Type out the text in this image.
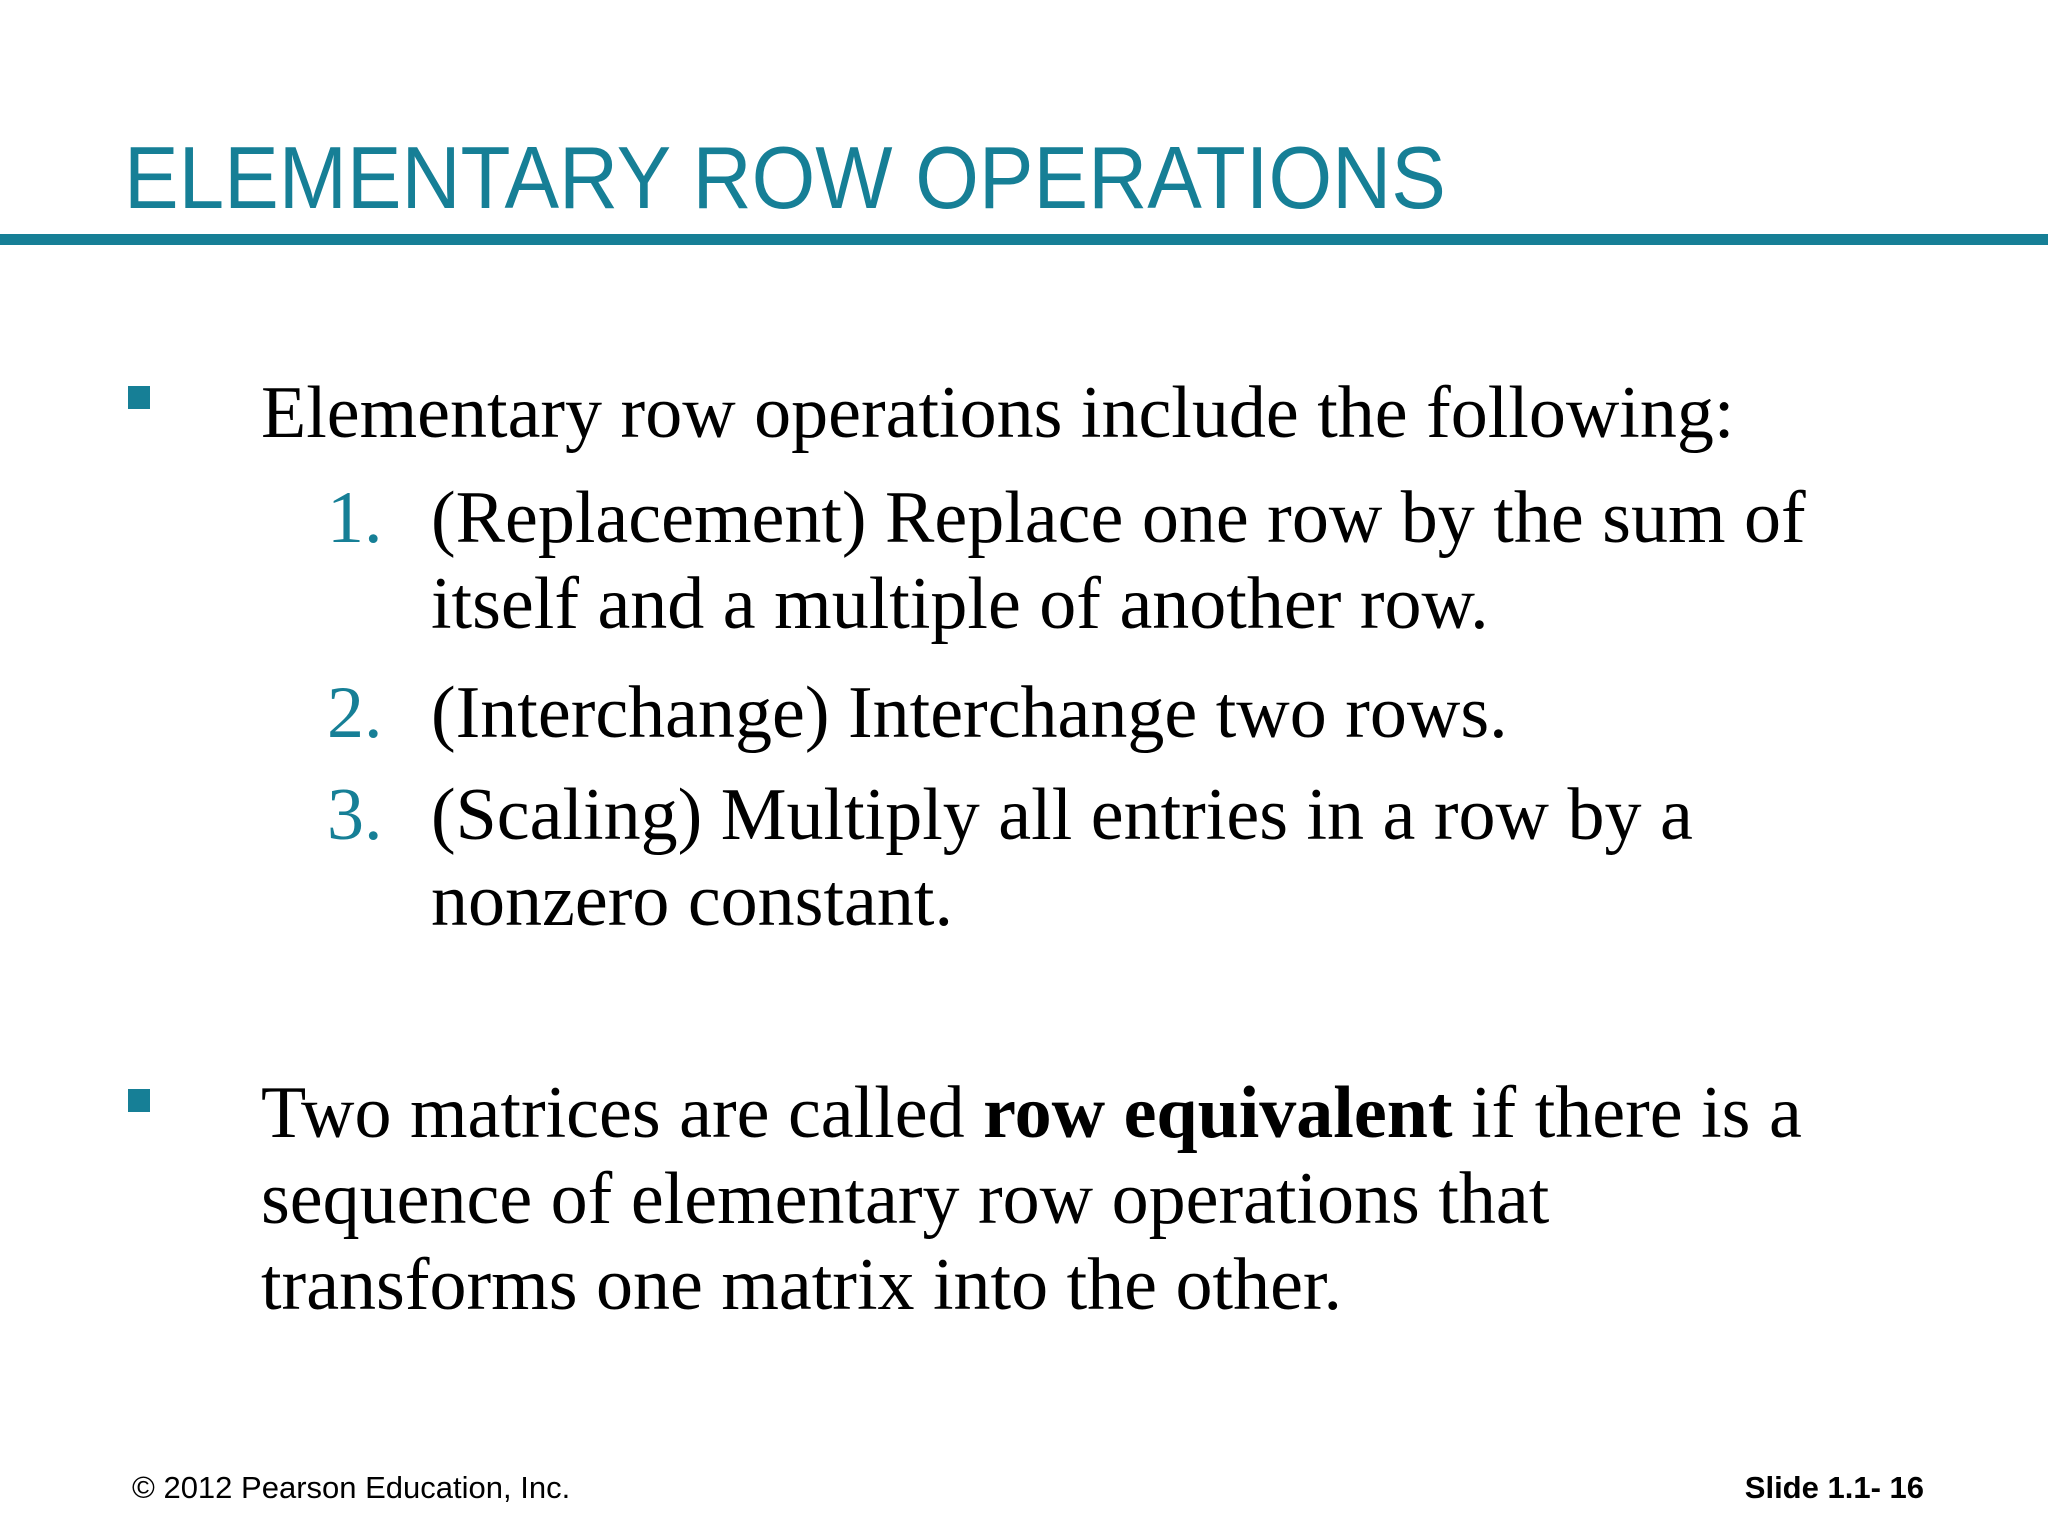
ELEMENTARY ROW OPERATIONS
Elementary row operations include the following:
1. (Replacement) Replace one row by the sum of
itself and a multiple of another row.
2. (Interchange) Interchange two rows.
3. (Scaling) Multiply all entries in a row by a
nonzero constant.
Two matrices are called row equivalent if there is a
sequence of elementary row operations that
transforms one matrix into the other.
© 2012 Pearson Education, Inc.	Slide 1.1- 16
